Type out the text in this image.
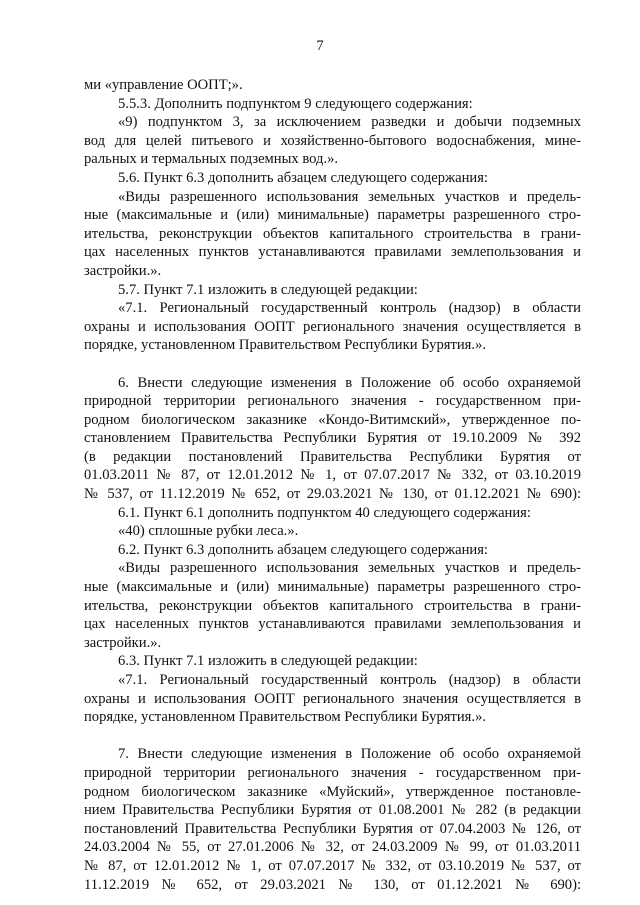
7
ми «управление ООПТ;».
5.5.3. Дополнить подпунктом 9 следующего содержания:
«9) подпунктом 3, за исключением разведки и добычи подземных
вод для целей питьевого и хозяйственно-бытового водоснабжения, мине-
ральных и термальных подземных вод.».
5.6. Пункт 6.3 дополнить абзацем следующего содержания:
«Виды разрешенного использования земельных участков и предель-
ные (максимальные и (или) минимальные) параметры разрешенного стро-
ительства, реконструкции объектов капитального строительства в грани-
цах населенных пунктов устанавливаются правилами землепользования и
застройки.».
5.7. Пункт 7.1 изложить в следующей редакции:
«7.1. Региональный государственный контроль (надзор) в области
охраны и использования ООПТ регионального значения осуществляется в
порядке, установленном Правительством Республики Бурятия.».
6. Внести следующие изменения в Положение об особо охраняемой
природной территории регионального значения - государственном при-
родном биологическом заказнике «Кондо-Витимский», утвержденное по-
становлением Правительства Республики Бурятия от 19.10.2009 № 392
(в редакции постановлений Правительства Республики Бурятия от
01.03.2011 № 87, от 12.01.2012 № 1, от 07.07.2017 № 332, от 03.10.2019
№ 537, от 11.12.2019 № 652, от 29.03.2021 № 130, от 01.12.2021 № 690):
6.1. Пункт 6.1 дополнить подпунктом 40 следующего содержания:
«40) сплошные рубки леса.».
6.2. Пункт 6.3 дополнить абзацем следующего содержания:
«Виды разрешенного использования земельных участков и предель-
ные (максимальные и (или) минимальные) параметры разрешенного стро-
ительства, реконструкции объектов капитального строительства в грани-
цах населенных пунктов устанавливаются правилами землепользования и
застройки.».
6.3. Пункт 7.1 изложить в следующей редакции:
«7.1. Региональный государственный контроль (надзор) в области
охраны и использования ООПТ регионального значения осуществляется в
порядке, установленном Правительством Республики Бурятия.».
7. Внести следующие изменения в Положение об особо охраняемой
природной территории регионального значения - государственном при-
родном биологическом заказнике «Муйский», утвержденное постановле-
нием Правительства Республики Бурятия от 01.08.2001 № 282 (в редакции
постановлений Правительства Республики Бурятия от 07.04.2003 № 126, от
24.03.2004 № 55, от 27.01.2006 № 32, от 24.03.2009 № 99, от 01.03.2011
№ 87, от 12.01.2012 № 1, от 07.07.2017 № 332, от 03.10.2019 № 537, от
11.12.2019 № 652, от 29.03.2021 № 130, от 01.12.2021 № 690):
